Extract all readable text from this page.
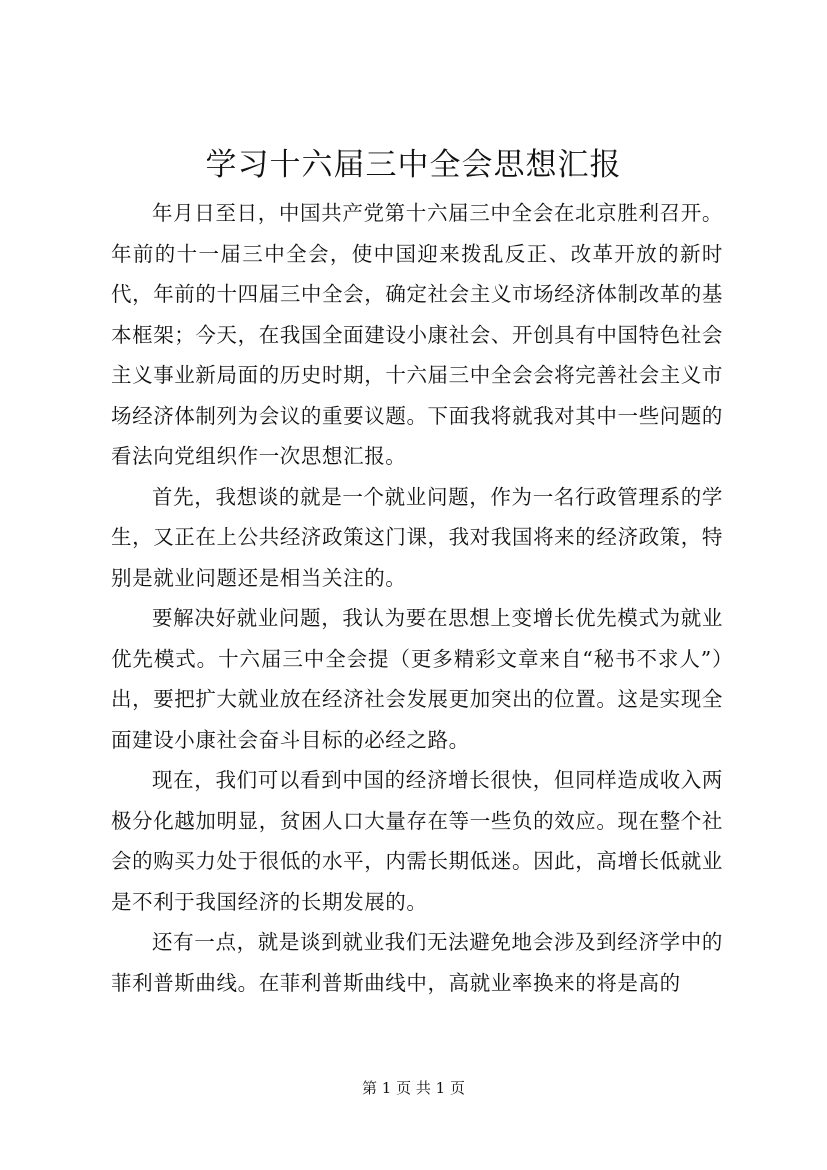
学习十六届三中全会思想汇报

年月日至日，中国共产党第十六届三中全会在北京胜利召开。年前的十一届三中全会，使中国迎来拨乱反正、改革开放的新时代，年前的十四届三中全会，确定社会主义市场经济体制改革的基本框架；今天，在我国全面建设小康社会、开创具有中国特色社会主义事业新局面的历史时期，十六届三中全会会将完善社会主义市场经济体制列为会议的重要议题。下面我将就我对其中一些问题的看法向党组织作一次思想汇报。

首先，我想谈的就是一个就业问题，作为一名行政管理系的学生，又正在上公共经济政策这门课，我对我国将来的经济政策，特别是就业问题还是相当关注的。

要解决好就业问题，我认为要在思想上变增长优先模式为就业优先模式。十六届三中全会提（更多精彩文章来自“秘书不求人”）出，要把扩大就业放在经济社会发展更加突出的位置。这是实现全面建设小康社会奋斗目标的必经之路。

现在，我们可以看到中国的经济增长很快，但同样造成收入两极分化越加明显，贫困人口大量存在等一些负的效应。现在整个社会的购买力处于很低的水平，内需长期低迷。因此，高增长低就业是不利于我国经济的长期发展的。

还有一点，就是谈到就业我们无法避免地会涉及到经济学中的菲利普斯曲线。在菲利普斯曲线中，高就业率换来的将是高的

第 1 页 共 1 页
